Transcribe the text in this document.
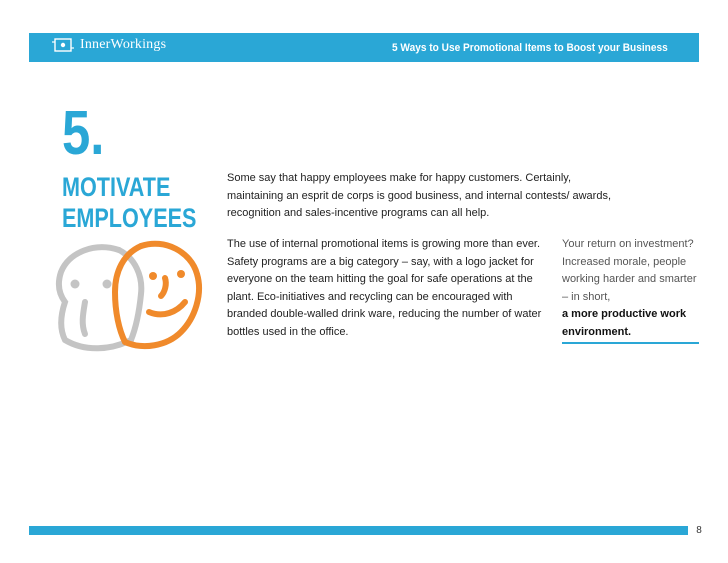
InnerWorkings	5 Ways to Use Promotional Items to Boost your Business
5.
MOTIVATE
EMPLOYEES
Some say that happy employees make for happy customers. Certainly, maintaining an esprit de corps is good business, and internal contests/ awards, recognition and sales-incentive programs can all help.
The use of internal promotional items is growing more than ever. Safety programs are a big category – say, with a logo jacket for everyone on the team hitting the goal for safe operations at the plant. Eco-initiatives and recycling can be encouraged with branded double-walled drink ware, reducing the number of water bottles used in the office.
Your return on investment? Increased morale, people working harder and smarter – in short,
a more productive work environment.
8
